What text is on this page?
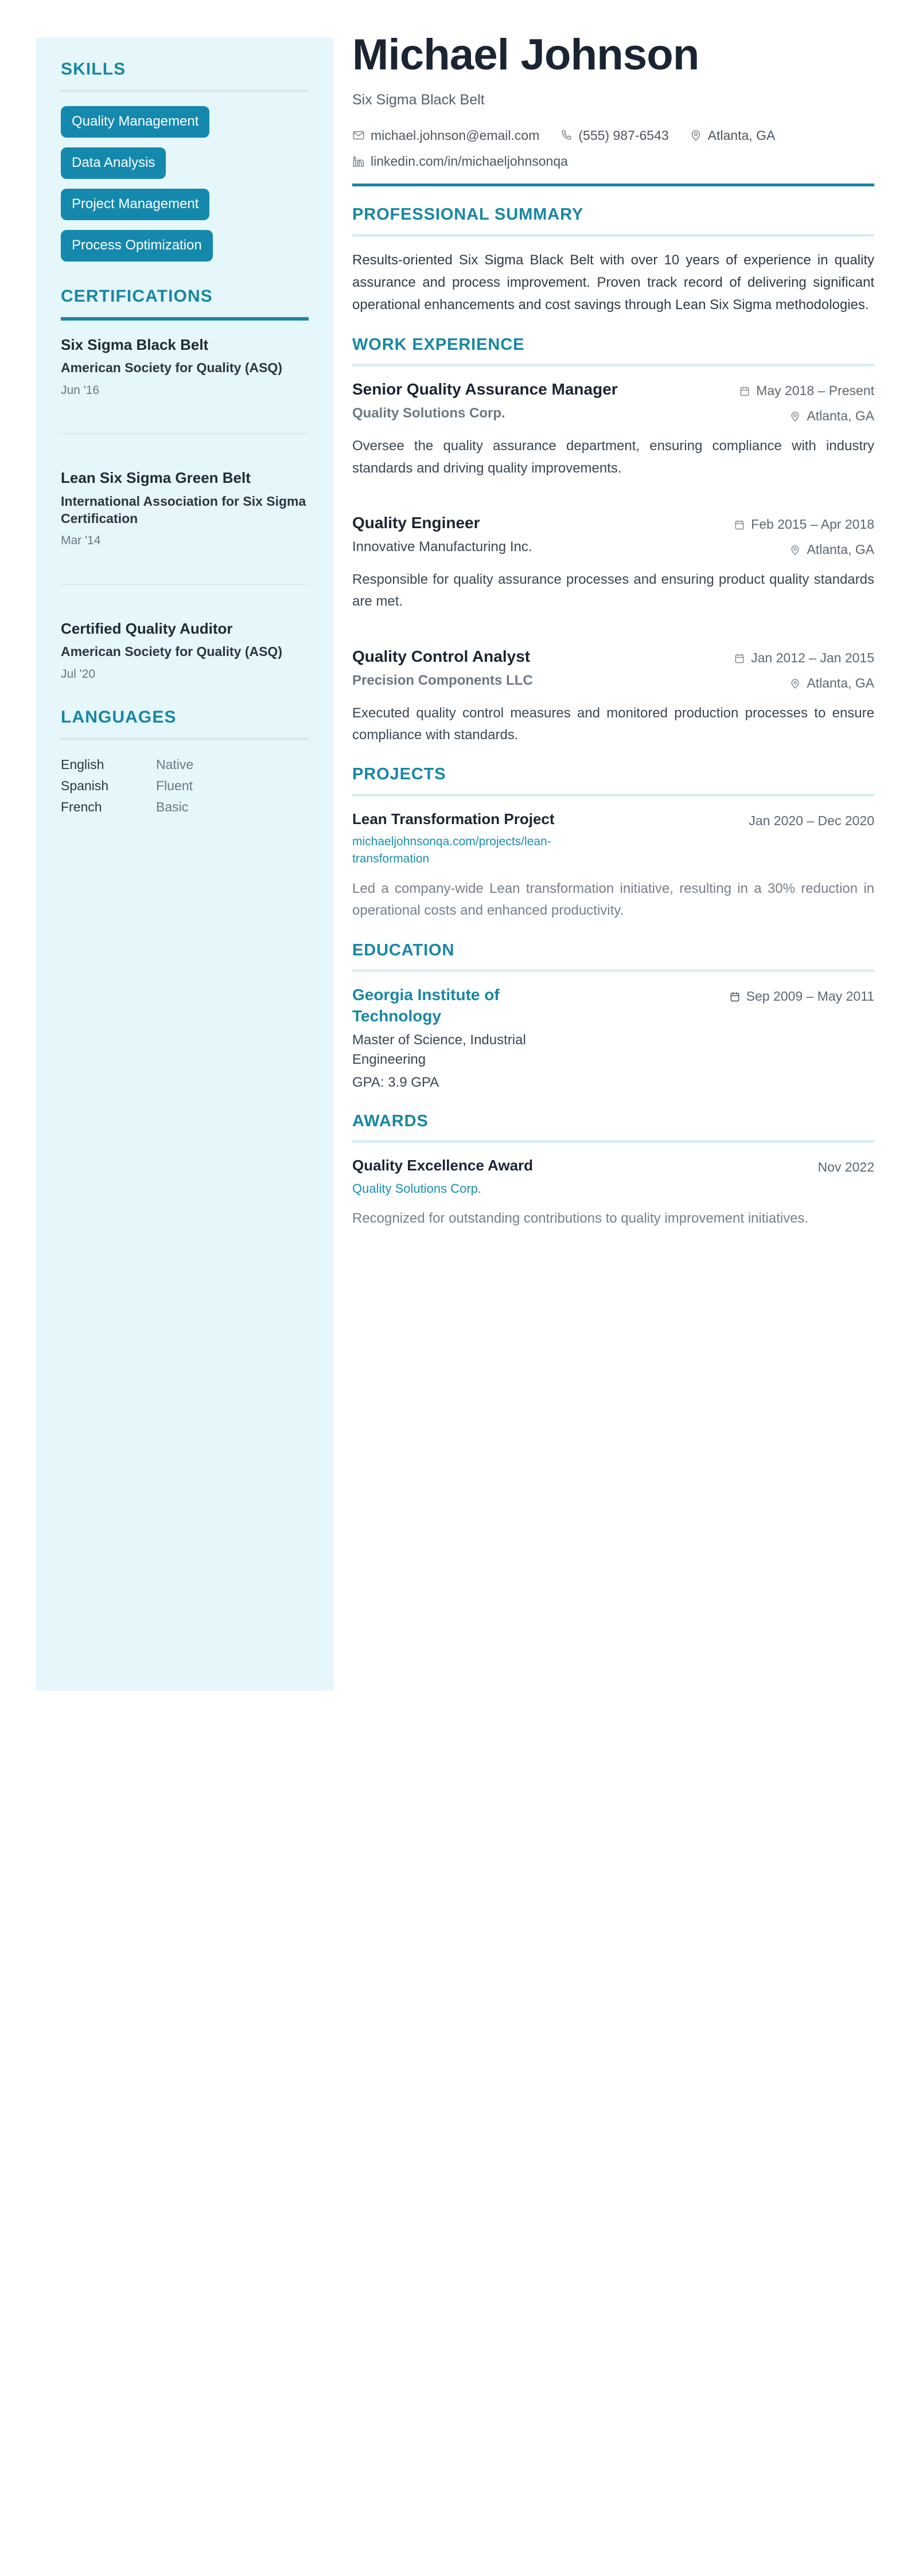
SKILLS
Quality Management
Data Analysis
Project Management
Process Optimization
CERTIFICATIONS

Six Sigma Black Belt

American Society for Quality (ASQ)

Jun '16

Lean Six Sigma Green Belt

International Association for Six Sigma Certification

Mar '14

Certified Quality Auditor

American Society for Quality (ASQ)

Jul '20

LANGUAGES
English	Native
Spanish	Fluent
French	Basic
Michael Johnson

Six Sigma Black Belt

michael.johnson@email.com	(555) 987-6543	Atlanta, GA
linkedin.com/in/michaeljohnsonqa
PROFESSIONAL SUMMARY

Results-oriented Six Sigma Black Belt with over 10 years of experience in quality assurance and process improvement. Proven track record of delivering significant operational enhancements and cost savings through Lean Six Sigma methodologies.

WORK EXPERIENCE
Senior Quality Assurance Manager	May 2018 – Present

Quality Solutions Corp.	Atlanta, GA

Oversee the quality assurance department, ensuring compliance with industry standards and driving quality improvements.

Quality Engineer	Feb 2015 – Apr 2018

Innovative Manufacturing Inc.	Atlanta, GA

Responsible for quality assurance processes and ensuring product quality standards are met.

Quality Control Analyst	Jan 2012 – Jan 2015

Precision Components LLC	Atlanta, GA

Executed quality control measures and monitored production processes to ensure compliance with standards.

PROJECTS
Lean Transformation Project	Jan 2020 – Dec 2020

michaeljohnsonqa.com/projects/lean-transformation

Led a company-wide Lean transformation initiative, resulting in a 30% reduction in operational costs and enhanced productivity.

EDUCATION
Georgia Institute of Technology
Sep 2009 – May 2011

Master of Science, Industrial Engineering

GPA: 3.9 GPA

AWARDS
Quality Excellence Award	Nov 2022

Quality Solutions Corp.

Recognized for outstanding contributions to quality improvement initiatives.
